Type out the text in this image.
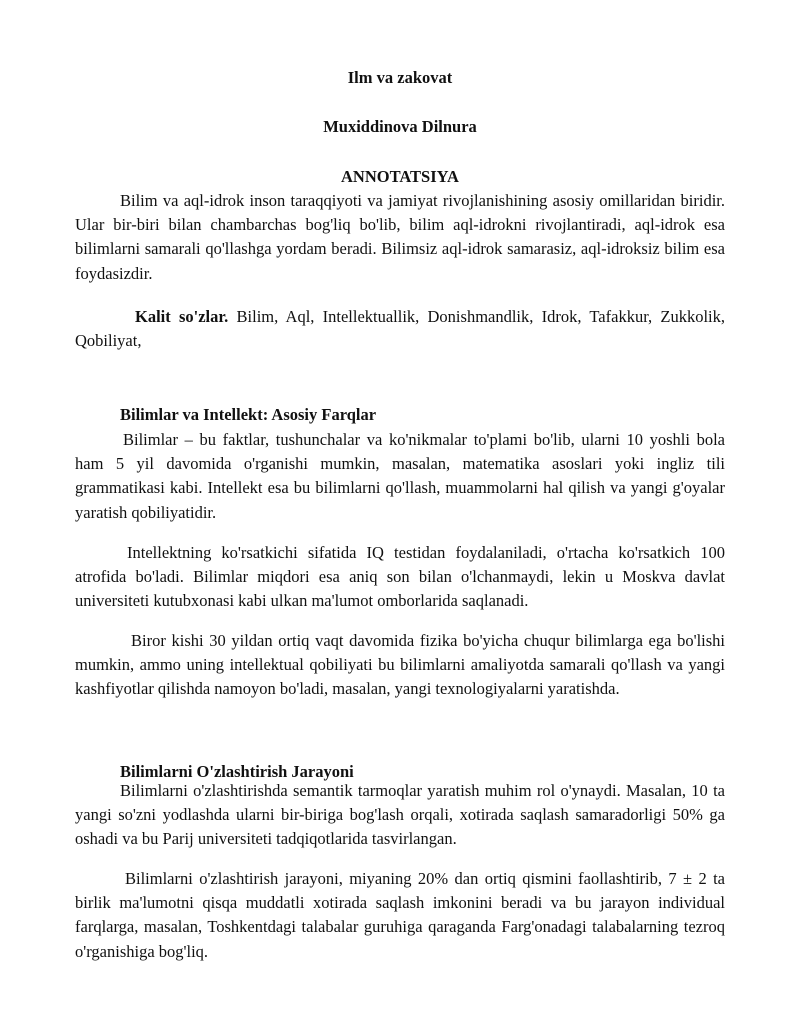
Ilm va zakovat
Muxiddinova Dilnura
ANNOTATSIYA

Bilim va aql-idrok inson taraqqiyoti va jamiyat rivojlanishining asosiy omillaridan biridir. Ular bir-biri bilan chambarchas bog'liq bo'lib, bilim aql-idrokni rivojlantiradi, aql-idrok esa bilimlarni samarali qo'llashga yordam beradi. Bilimsiz aql-idrok samarasiz, aql-idroksiz bilim esa foydasizdir.

Kalit so'zlar. Bilim, Aql, Intellektuallik, Donishmandlik, Idrok, Tafakkur, Zukkolik, Qobiliyat,

Bilimlar va Intellekt: Asosiy Farqlar

Bilimlar – bu faktlar, tushunchalar va ko'nikmalar to'plami bo'lib, ularni 10 yoshli bola ham 5 yil davomida o'rganishi mumkin, masalan, matematika asoslari yoki ingliz tili grammatikasi kabi. Intellekt esa bu bilimlarni qo'llash, muammolarni hal qilish va yangi g'oyalar yaratish qobiliyatidir.

Intellektning ko'rsatkichi sifatida IQ testidan foydalaniladi, o'rtacha ko'rsatkich 100 atrofida bo'ladi. Bilimlar miqdori esa aniq son bilan o'lchanmaydi, lekin u Moskva davlat universiteti kutubxonasi kabi ulkan ma'lumot omborlarida saqlanadi.

Biror kishi 30 yildan ortiq vaqt davomida fizika bo'yicha chuqur bilimlarga ega bo'lishi mumkin, ammo uning intellektual qobiliyati bu bilimlarni amaliyotda samarali qo'llash va yangi kashfiyotlar qilishda namoyon bo'ladi, masalan, yangi texnologiyalarni yaratishda.

Bilimlarni O'zlashtirish Jarayoni

Bilimlarni o'zlashtirishda semantik tarmoqlar yaratish muhim rol o'ynaydi. Masalan, 10 ta yangi so'zni yodlashda ularni bir-biriga bog'lash orqali, xotirada saqlash samaradorligi 50% ga oshadi va bu Parij universiteti tadqiqotlarida tasvirlangan.

Bilimlarni o'zlashtirish jarayoni, miyaning 20% dan ortiq qismini faollashtirib, 7 ± 2 ta birlik ma'lumotni qisqa muddatli xotirada saqlash imkonini beradi va bu jarayon individual farqlarga, masalan, Toshkentdagi talabalar guruhiga qaraganda Farg'onadagi talabalarning tezroq o'rganishiga bog'liq.
